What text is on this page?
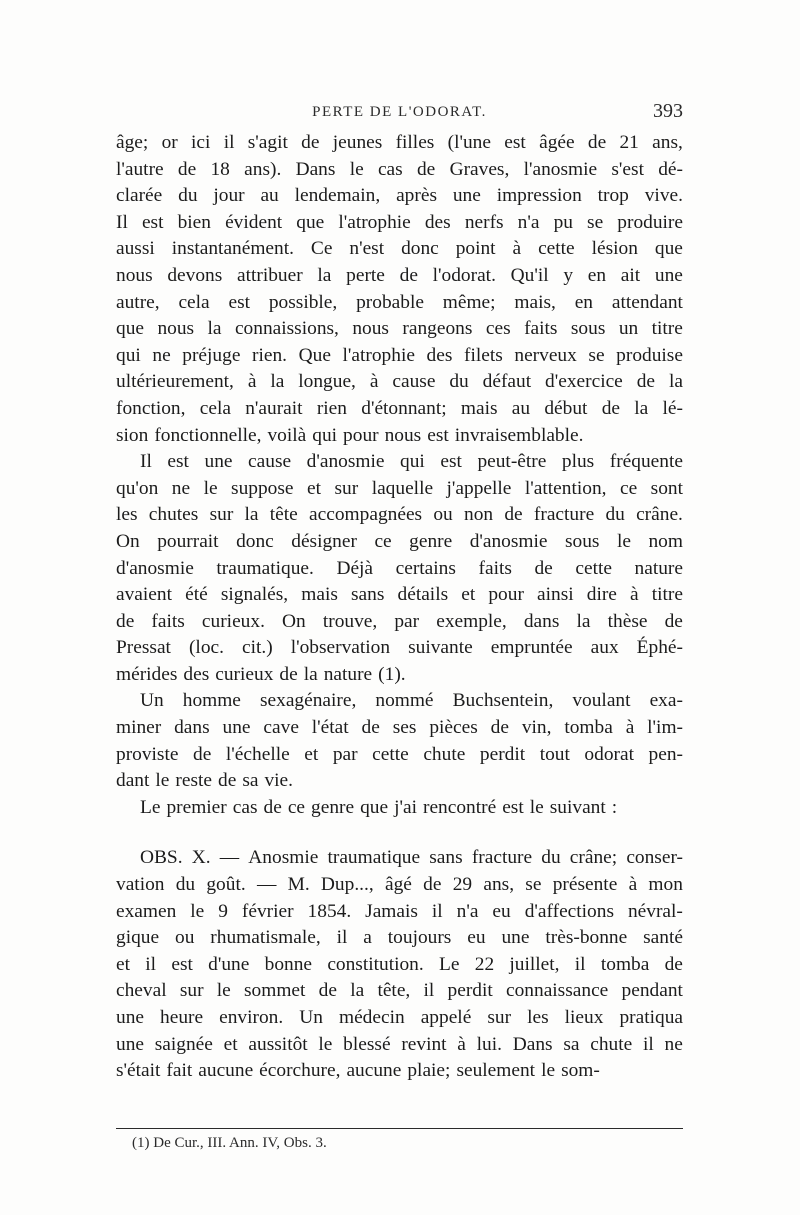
PERTE DE L'ODORAT.	393
âge; or ici il s'agit de jeunes filles (l'une est âgée de 21 ans,
l'autre de 18 ans). Dans le cas de Graves, l'anosmie s'est dé-
clarée du jour au lendemain, après une impression trop vive.
Il est bien évident que l'atrophie des nerfs n'a pu se produire
aussi instantanément. Ce n'est donc point à cette lésion que
nous devons attribuer la perte de l'odorat. Qu'il y en ait une
autre, cela est possible, probable même; mais, en attendant
que nous la connaissions, nous rangeons ces faits sous un titre
qui ne préjuge rien. Que l'atrophie des filets nerveux se produise
ultérieurement, à la longue, à cause du défaut d'exercice de la
fonction, cela n'aurait rien d'étonnant; mais au début de la lé-
sion fonctionnelle, voilà qui pour nous est invraisemblable.
Il est une cause d'anosmie qui est peut-être plus fréquente
qu'on ne le suppose et sur laquelle j'appelle l'attention, ce sont
les chutes sur la tête accompagnées ou non de fracture du crâne.
On pourrait donc désigner ce genre d'anosmie sous le nom
d'anosmie traumatique. Déjà certains faits de cette nature
avaient été signalés, mais sans détails et pour ainsi dire à titre
de faits curieux. On trouve, par exemple, dans la thèse de
Pressat (loc. cit.) l'observation suivante empruntée aux Éphé-
mérides des curieux de la nature (1).
Un homme sexagénaire, nommé Buchsentein, voulant exa-
miner dans une cave l'état de ses pièces de vin, tomba à l'im-
proviste de l'échelle et par cette chute perdit tout odorat pen-
dant le reste de sa vie.
Le premier cas de ce genre que j'ai rencontré est le suivant :
OBS. X. — Anosmie traumatique sans fracture du crâne; conser-
vation du goût. — M. Dup..., âgé de 29 ans, se présente à mon
examen le 9 février 1854. Jamais il n'a eu d'affections névral-
gique ou rhumatismale, il a toujours eu une très-bonne santé
et il est d'une bonne constitution. Le 22 juillet, il tomba de
cheval sur le sommet de la tête, il perdit connaissance pendant
une heure environ. Un médecin appelé sur les lieux pratiqua
une saignée et aussitôt le blessé revint à lui. Dans sa chute il ne
s'était fait aucune écorchure, aucune plaie; seulement le som-
(1) De Cur., III. Ann. IV, Obs. 3.
